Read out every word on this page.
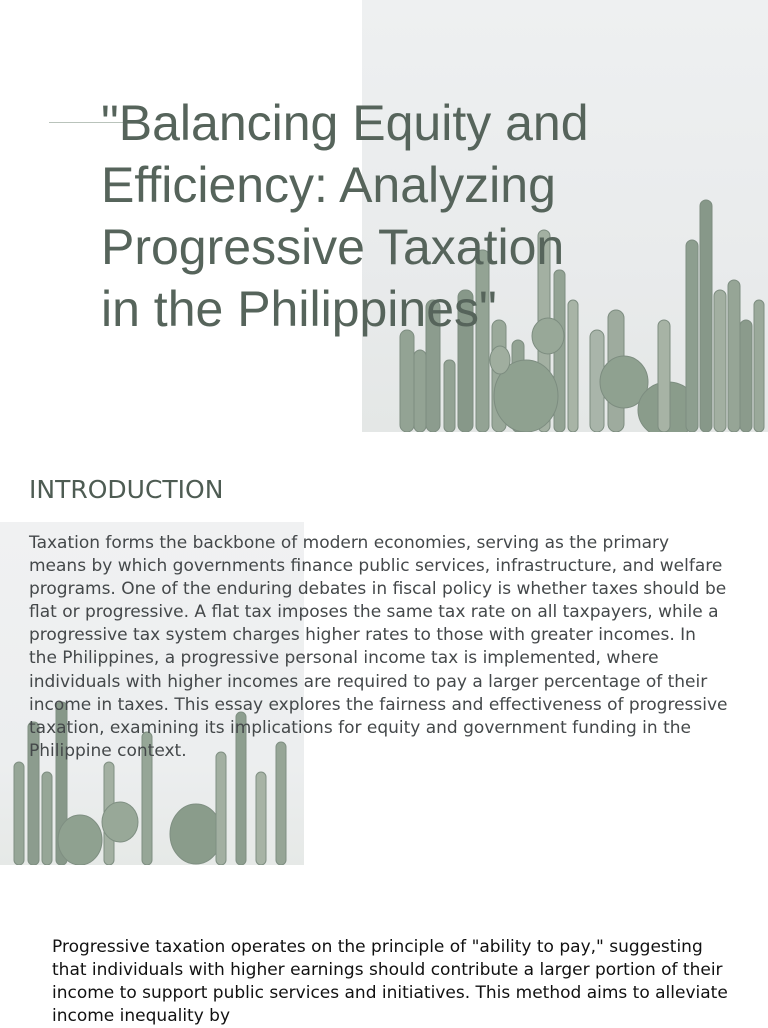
"Balancing Equity and
Efficiency: Analyzing
Progressive Taxation
in the Philippines"
INTRODUCTION

Taxation forms the backbone of modern economies, serving as the primary means by which governments finance public services, infrastructure, and welfare programs. One of the enduring debates in fiscal policy is whether taxes should be flat or progressive. A flat tax imposes the same tax rate on all taxpayers, while a progressive tax system charges higher rates to those with greater incomes. In the Philippines, a progressive personal income tax is implemented, where individuals with higher incomes are required to pay a larger percentage of their income in taxes. This essay explores the fairness and effectiveness of progressive taxation, examining its implications for equity and government funding in the Philippine context.

Progressive taxation operates on the principle of "ability to pay," suggesting that individuals with higher earnings should contribute a larger portion of their income to support public services and initiatives. This method aims to alleviate income inequality by
